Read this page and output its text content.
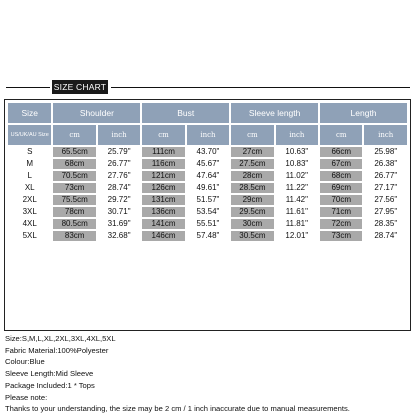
SIZE CHART
Size	Shoulder		Bust		Sleeve length		Length	
US/UK/AU Size	cm	inch	cm	inch	cm	inch	cm	inch
S	65.5cm	25.79"	111cm	43.70"	27cm	10.63"	66cm	25.98"
M	68cm	26.77"	116cm	45.67"	27.5cm	10.83"	67cm	26.38"
L	70.5cm	27.76"	121cm	47.64"	28cm	11.02"	68cm	26.77"
XL	73cm	28.74"	126cm	49.61"	28.5cm	11.22"	69cm	27.17"
2XL	75.5cm	29.72"	131cm	51.57"	29cm	11.42"	70cm	27.56"
3XL	78cm	30.71"	136cm	53.54"	29.5cm	11.61"	71cm	27.95"
4XL	80.5cm	31.69"	141cm	55.51"	30cm	11.81"	72cm	28.35"
5XL	83cm	32.68"	146cm	57.48"	30.5cm	12.01"	73cm	28.74"
Size:S,M,L,XL,2XL,3XL,4XL,5XL
Fabric Material:100%Polyester
Colour:Blue
Sleeve Length:Mid Sleeve
Package Included:1 * Tops
Please note:
Thanks to your understanding, the size may be 2 cm / 1 inch inaccurate due to manual measurements.
